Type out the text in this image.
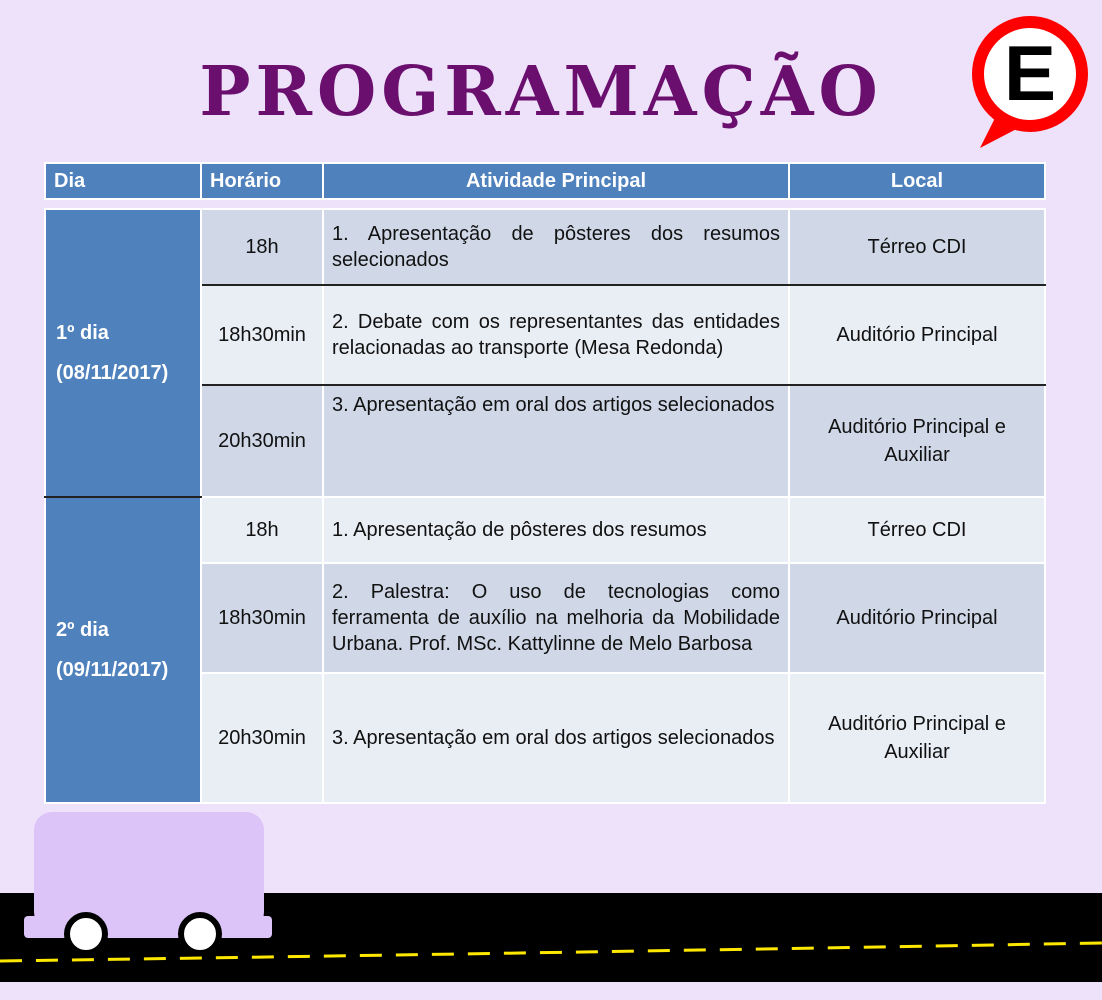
PROGRAMAÇÃO	E
Dia	Horário	Atividade Principal	Local

1º dia
(08/11/2017)	18h	1. Apresentação de pôsteres dos resumos selecionados	Térreo CDI
	18h30min	2. Debate com os representantes das entidades relacionadas ao transporte (Mesa Redonda)	Auditório Principal
	20h30min	3. Apresentação em oral dos artigos selecionados	Auditório Principal e Auxiliar

2º dia
(09/11/2017)	18h	1. Apresentação de pôsteres dos resumos	Térreo CDI
	18h30min	2. Palestra: O uso de tecnologias como ferramenta de auxílio na melhoria da Mobilidade Urbana. Prof. MSc. Kattylinne de Melo Barbosa	Auditório Principal
	20h30min	3. Apresentação em oral dos artigos selecionados	Auditório Principal e Auxiliar
